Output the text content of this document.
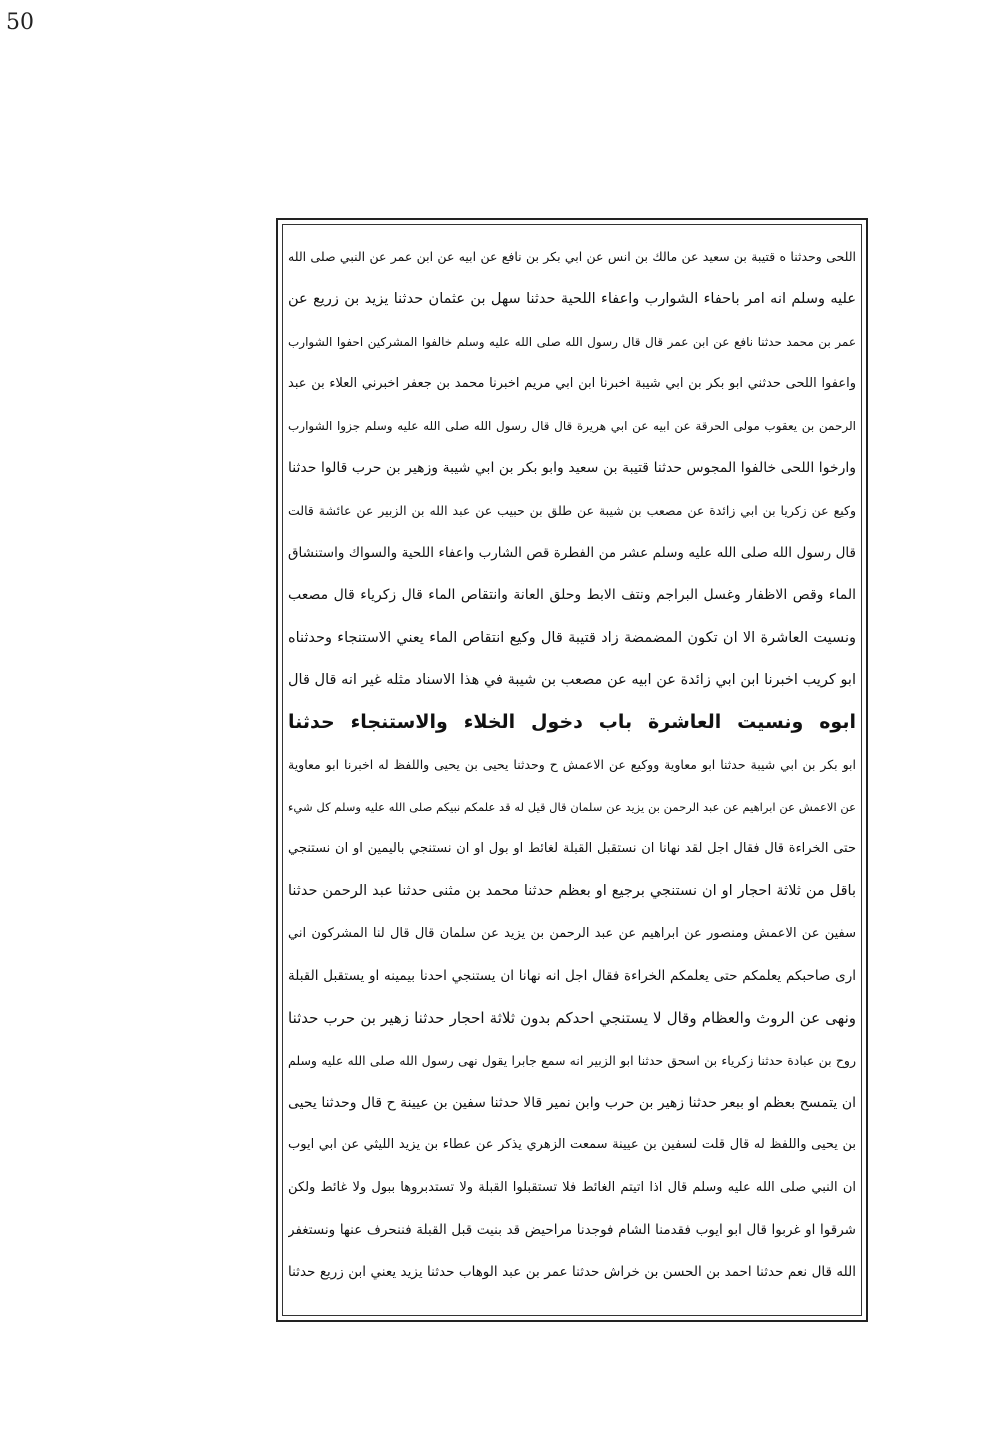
50
اللحى وحدثنا ه قتيبة بن سعيد عن مالك بن انس عن ابي بكر بن نافع عن ابيه عن ابن عمر عن النبي صلى الله
عليه وسلم انه امر باحفاء الشوارب واعفاء اللحية حدثنا سهل بن عثمان حدثنا يزيد بن زريع عن
عمر بن محمد حدثنا نافع عن ابن عمر قال قال رسول الله صلى الله عليه وسلم خالفوا المشركين احفوا الشوارب
واعفوا اللحى حدثني ابو بكر بن ابي شيبة اخبرنا ابن ابي مريم اخبرنا محمد بن جعفر اخبرني العلاء بن عبد
الرحمن بن يعقوب مولى الحرقة عن ابيه عن ابي هريرة قال قال رسول الله صلى الله عليه وسلم جزوا الشوارب
وارخوا اللحى خالفوا المجوس حدثنا قتيبة بن سعيد وابو بكر بن ابي شيبة وزهير بن حرب قالوا حدثنا
وكيع عن زكريا بن ابي زائدة عن مصعب بن شيبة عن طلق بن حبيب عن عبد الله بن الزبير عن عائشة قالت
قال رسول الله صلى الله عليه وسلم عشر من الفطرة قص الشارب واعفاء اللحية والسواك واستنشاق
الماء وقص الاظفار وغسل البراجم ونتف الابط وحلق العانة وانتقاص الماء قال زكرياء قال مصعب
ونسيت العاشرة الا ان تكون المضمضة زاد قتيبة قال وكيع انتقاص الماء يعني الاستنجاء وحدثناه
ابو كريب اخبرنا ابن ابي زائدة عن ابيه عن مصعب بن شيبة في هذا الاسناد مثله غير انه قال قال
ابوه ونسيت العاشرة باب دخول الخلاء والاستنجاء حدثنا
ابو بكر بن ابي شيبة حدثنا ابو معاوية ووكيع عن الاعمش ح وحدثنا يحيى بن يحيى واللفظ له اخبرنا ابو معاوية
عن الاعمش عن ابراهيم عن عبد الرحمن بن يزيد عن سلمان قال قيل له قد علمكم نبيكم صلى الله عليه وسلم كل شيء
حتى الخراءة قال فقال اجل لقد نهانا ان نستقبل القبلة لغائط او بول او ان نستنجي باليمين او ان نستنجي
باقل من ثلاثة احجار او ان نستنجي برجيع او بعظم حدثنا محمد بن مثنى حدثنا عبد الرحمن حدثنا
سفين عن الاعمش ومنصور عن ابراهيم عن عبد الرحمن بن يزيد عن سلمان قال قال لنا المشركون اني
ارى صاحبكم يعلمكم حتى يعلمكم الخراءة فقال اجل انه نهانا ان يستنجي احدنا بيمينه او يستقبل القبلة
ونهى عن الروث والعظام وقال لا يستنجي احدكم بدون ثلاثة احجار حدثنا زهير بن حرب حدثنا
روح بن عبادة حدثنا زكرياء بن اسحق حدثنا ابو الزبير انه سمع جابرا يقول نهى رسول الله صلى الله عليه وسلم
ان يتمسح بعظم او ببعر حدثنا زهير بن حرب وابن نمير قالا حدثنا سفين بن عيينة ح قال وحدثنا يحيى
بن يحيى واللفظ له قال قلت لسفين بن عيينة سمعت الزهري يذكر عن عطاء بن يزيد الليثي عن ابي ايوب
ان النبي صلى الله عليه وسلم قال اذا اتيتم الغائط فلا تستقبلوا القبلة ولا تستدبروها ببول ولا غائط ولكن
شرقوا او غربوا قال ابو ايوب فقدمنا الشام فوجدنا مراحيض قد بنيت قبل القبلة فننحرف عنها ونستغفر
الله قال نعم حدثنا احمد بن الحسن بن خراش حدثنا عمر بن عبد الوهاب حدثنا يزيد يعني ابن زريع حدثنا
